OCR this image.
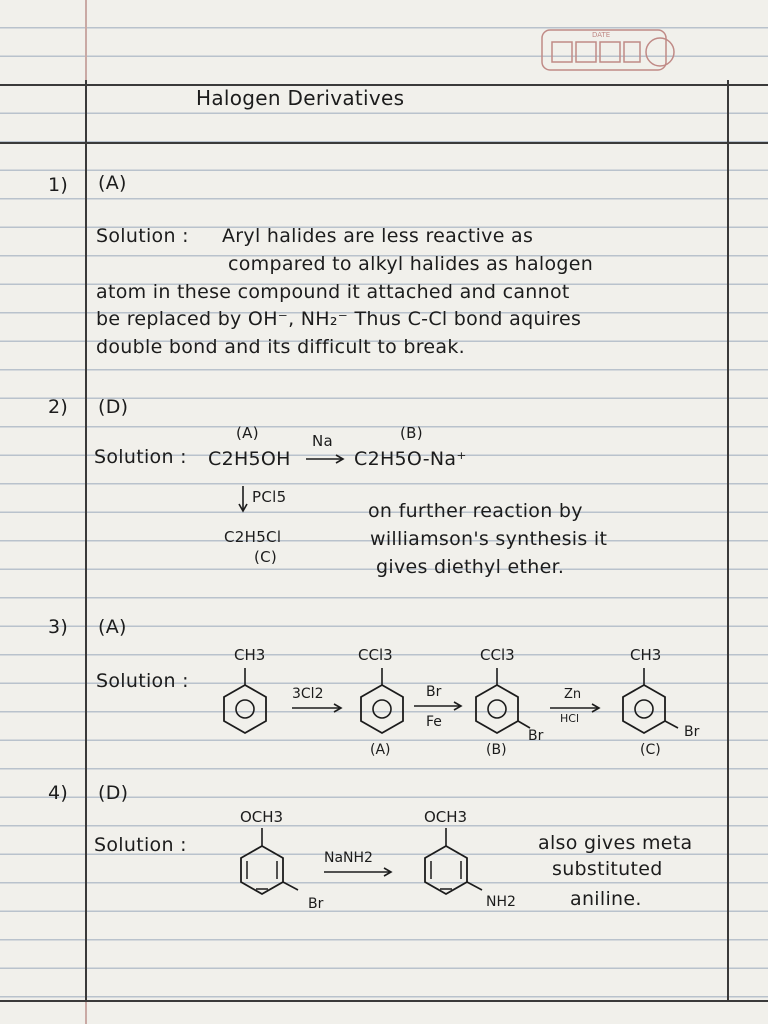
DATE
Halogen Derivatives
1) (A)
Solution : Aryl halides are less reactive as
compared to alkyl halides as halogen
atom in these compound it attached and cannot
be replaced by OH⁻, NH₂⁻ Thus C-Cl bond aquires
double bond and its difficult to break.
2) (D)
(A)	(B)
Na
Solution : C2H5OH	C2H5O-Na⁺
PCl5
on further reaction by
C2H5Cl	williamson's synthesis it
(C)	gives diethyl ether.
3) (A)
Solution :
CH3
3Cl2
CCl3
(A)
Br
Fe
CCl3
Br
(B)
Zn
HCl
CH3
Br
(C)
4) (D)
Solution :
OCH3
Br
NaNH2
OCH3
NH2
also gives meta
substituted
aniline.
